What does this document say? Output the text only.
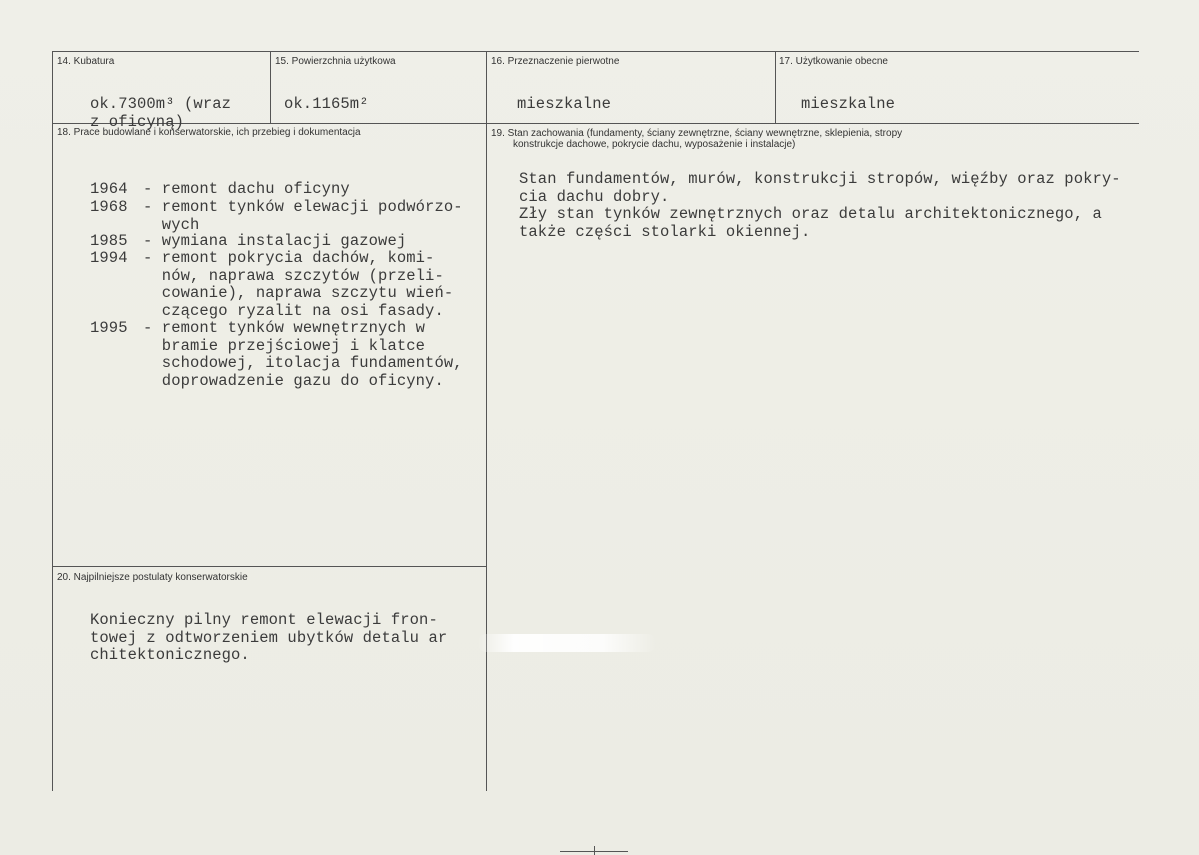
14. Kubatura
ok.7300m³ (wraz
z oficyną)
15. Powierzchnia użytkowa
ok.1165m²
16. Przeznaczenie pierwotne
mieszkalne
17. Użytkowanie obecne
mieszkalne
18. Prace budowlane i konserwatorskie, ich przebieg i dokumentacja
1964 - remont dachu oficyny
1968 - remont tynków elewacji podwórzo-
wych
1985 - wymiana instalacji gazowej
1994 - remont pokrycia dachów, komi-
nów, naprawa szczytów (przeli-
cowanie), naprawa szczytu wień-
czącego ryzalit na osi fasady.
1995 - remont tynków wewnętrznych w
bramie przejściowej i klatce
schodowej, itolacja fundamentów,
doprowadzenie gazu do oficyny.
19. Stan zachowania (fundamenty, ściany zewnętrzne, ściany wewnętrzne, sklepienia, stropy
konstrukcje dachowe, pokrycie dachu, wyposażenie i instalacje)
Stan fundamentów, murów, konstrukcji stropów, więźby oraz pokry-
cia dachu dobry.
Zły stan tynków zewnętrznych oraz detalu architektonicznego, a
także części stolarki okiennej.
20. Najpilniejsze postulaty konserwatorskie
Konieczny pilny remont elewacji fron-
towej z odtworzeniem ubytków detalu ar
chitektonicznego.
